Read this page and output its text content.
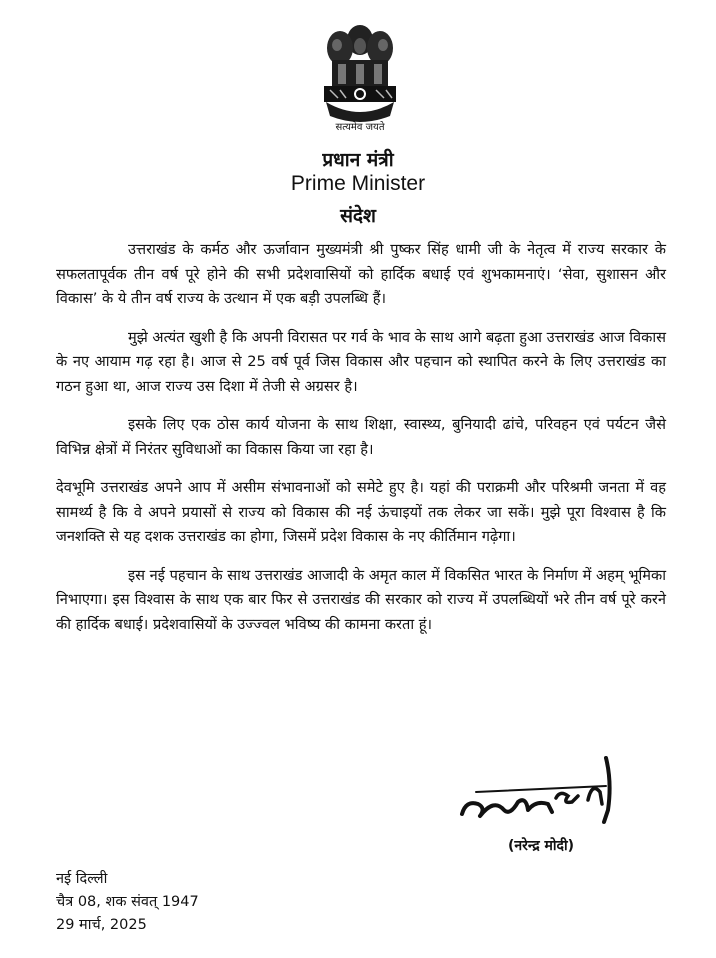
सत्यमेव जयते
प्रधान मंत्री
Prime Minister
संदेश

उत्तराखंड के कर्मठ और ऊर्जावान मुख्यमंत्री श्री पुष्कर सिंह धामी जी के नेतृत्व में राज्य सरकार के सफलतापूर्वक तीन वर्ष पूरे होने की सभी प्रदेशवासियों को हार्दिक बधाई एवं शुभकामनाएं। ‘सेवा, सुशासन और विकास’ के ये तीन वर्ष राज्य के उत्थान में एक बड़ी उपलब्धि हैं।

मुझे अत्यंत खुशी है कि अपनी विरासत पर गर्व के भाव के साथ आगे बढ़ता हुआ उत्तराखंड आज विकास के नए आयाम गढ़ रहा है। आज से 25 वर्ष पूर्व जिस विकास और पहचान को स्थापित करने के लिए उत्तराखंड का गठन हुआ था, आज राज्य उस दिशा में तेजी से अग्रसर है।

इसके लिए एक ठोस कार्य योजना के साथ शिक्षा, स्वास्थ्य, बुनियादी ढांचे, परिवहन एवं पर्यटन जैसे विभिन्न क्षेत्रों में निरंतर सुविधाओं का विकास किया जा रहा है।

देवभूमि उत्तराखंड अपने आप में असीम संभावनाओं को समेटे हुए है। यहां की पराक्रमी और परिश्रमी जनता में वह सामर्थ्य है कि वे अपने प्रयासों से राज्य को विकास की नई ऊंचाइयों तक लेकर जा सकें। मुझे पूरा विश्वास है कि जनशक्ति से यह दशक उत्तराखंड का होगा, जिसमें प्रदेश विकास के नए कीर्तिमान गढ़ेगा।

इस नई पहचान के साथ उत्तराखंड आजादी के अमृत काल में विकसित भारत के निर्माण में अहम् भूमिका निभाएगा। इस विश्वास के साथ एक बार फिर से उत्तराखंड की सरकार को राज्य में उपलब्धियों भरे तीन वर्ष पूरे करने की हार्दिक बधाई। प्रदेशवासियों के उज्ज्वल भविष्य की कामना करता हूं।

(नरेन्द्र मोदी)
नई दिल्ली
चैत्र 08, शक संवत् 1947
29 मार्च, 2025
